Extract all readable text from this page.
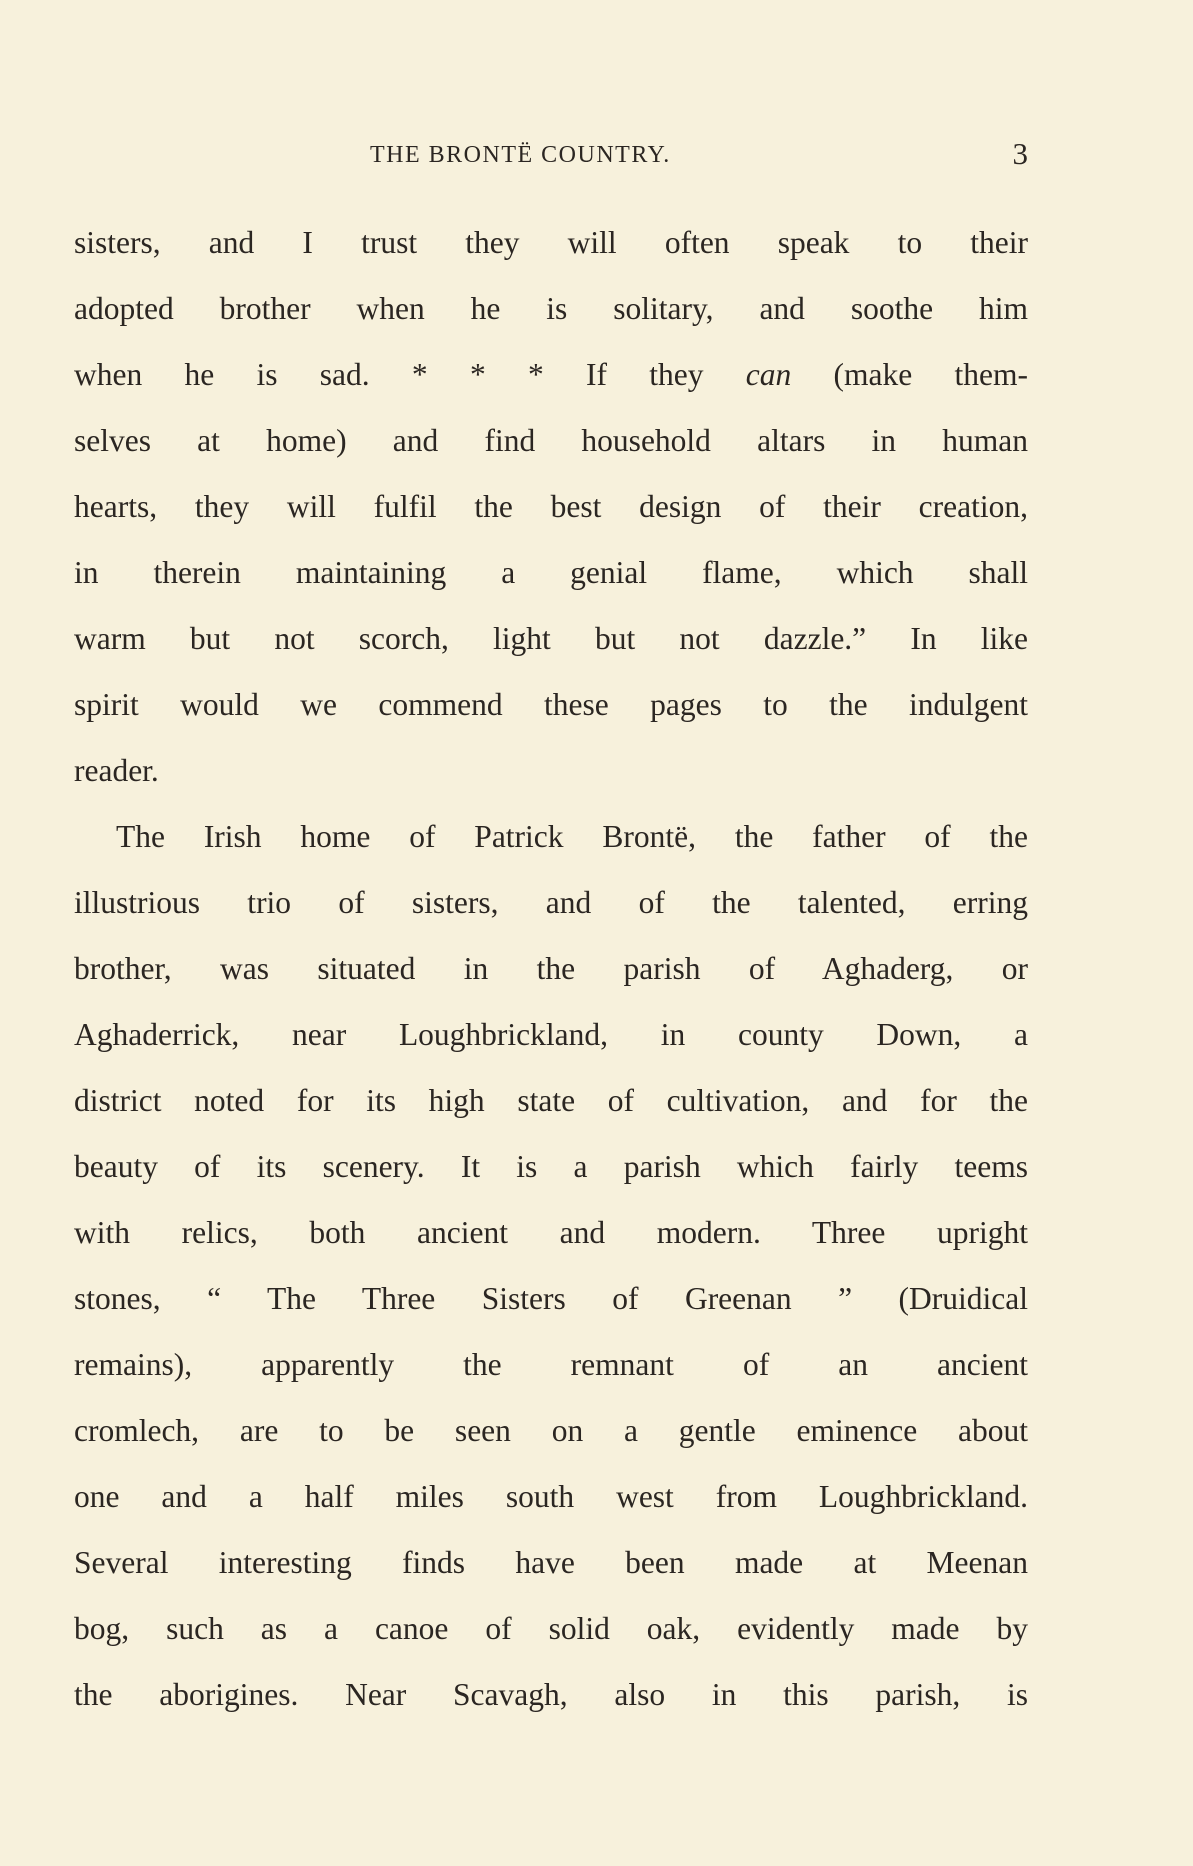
THE BRONTË COUNTRY.	3
sisters, and I trust they will often speak to their
adopted brother when he is solitary, and soothe him
when he is sad. * * * If they can (make them-
selves at home) and find household altars in human
hearts, they will fulfil the best design of their creation,
in therein maintaining a genial flame, which shall
warm but not scorch, light but not dazzle.” In like
spirit would we commend these pages to the indulgent
reader.
The Irish home of Patrick Brontë, the father of the
illustrious trio of sisters, and of the talented, erring
brother, was situated in the parish of Aghaderg, or
Aghaderrick, near Loughbrickland, in county Down, a
district noted for its high state of cultivation, and for the
beauty of its scenery. It is a parish which fairly teems
with relics, both ancient and modern. Three upright
stones, “ The Three Sisters of Greenan ” (Druidical
remains), apparently the remnant of an ancient
cromlech, are to be seen on a gentle eminence about
one and a half miles south west from Loughbrickland.
Several interesting finds have been made at Meenan
bog, such as a canoe of solid oak, evidently made by
the aborigines. Near Scavagh, also in this parish, is
